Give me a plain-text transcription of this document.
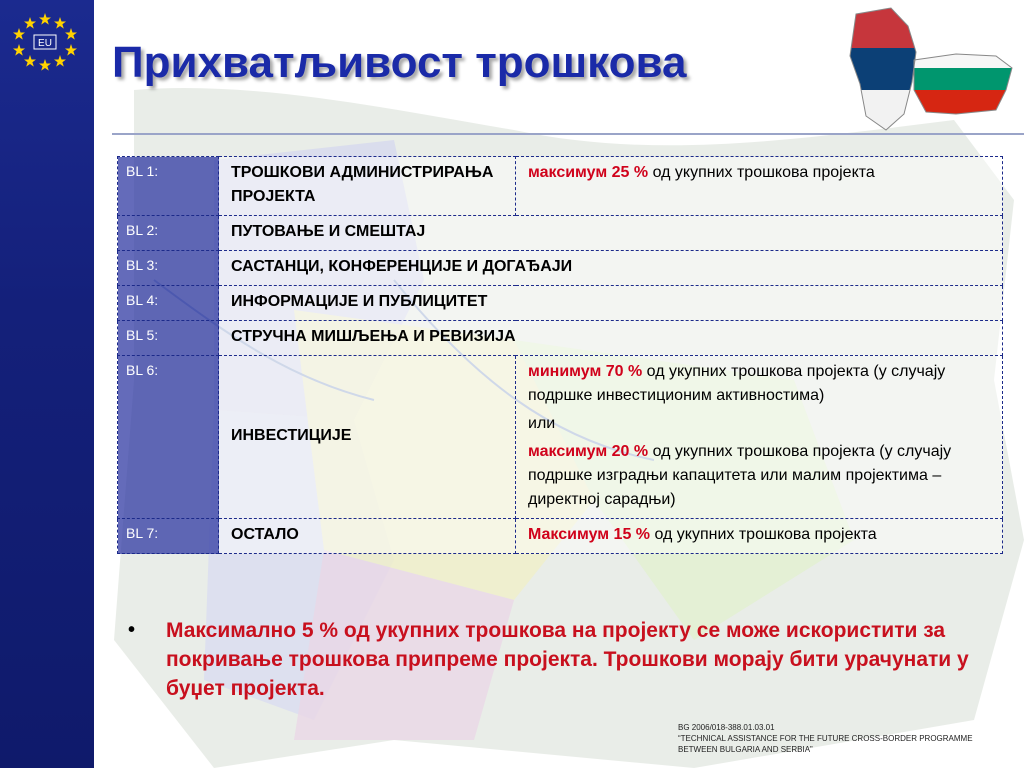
EU Прихватљивост трошкова
BL 1:	ТРОШКОВИ АДМИНИСТРИРАЊА ПРОЈЕКТА	максимум 25 % од укупних трошкова пројекта

BL 2:	ПУТОВАЊЕ И СМЕШТАЈ	
BL 3:	САСТАНЦИ, КОНФЕРЕНЦИЈЕ И ДОГАЂАЈИ	
BL 4:	ИНФОРМАЦИЈЕ И ПУБЛИЦИТЕТ	
BL 5:	СТРУЧНА МИШЉЕЊА И РЕВИЗИЈА	
BL 6:	ИНВЕСТИЦИЈЕ	минимум 70 % од укупних трошкова пројекта (у случају подршке инвестиционим активностима)

или

максимум 20 % од укупних трошкова пројекта (у случају подршке изградњи капацитета или малим пројектима – директној сарадњи)

BL 7:	ОСТАЛО	Максимум 15 % од укупних трошкова пројекта

•	Максимално 5 % од укупних трошкова на пројекту се може искористити за покривање трошкова припреме пројекта. Трошкови морају бити урачунати у буџет пројекта.
BG 2006/018-388.01.03.01
“TECHNICAL ASSISTANCE FOR THE FUTURE CROSS-BORDER PROGRAMME
BETWEEN BULGARIA AND SERBIA”
